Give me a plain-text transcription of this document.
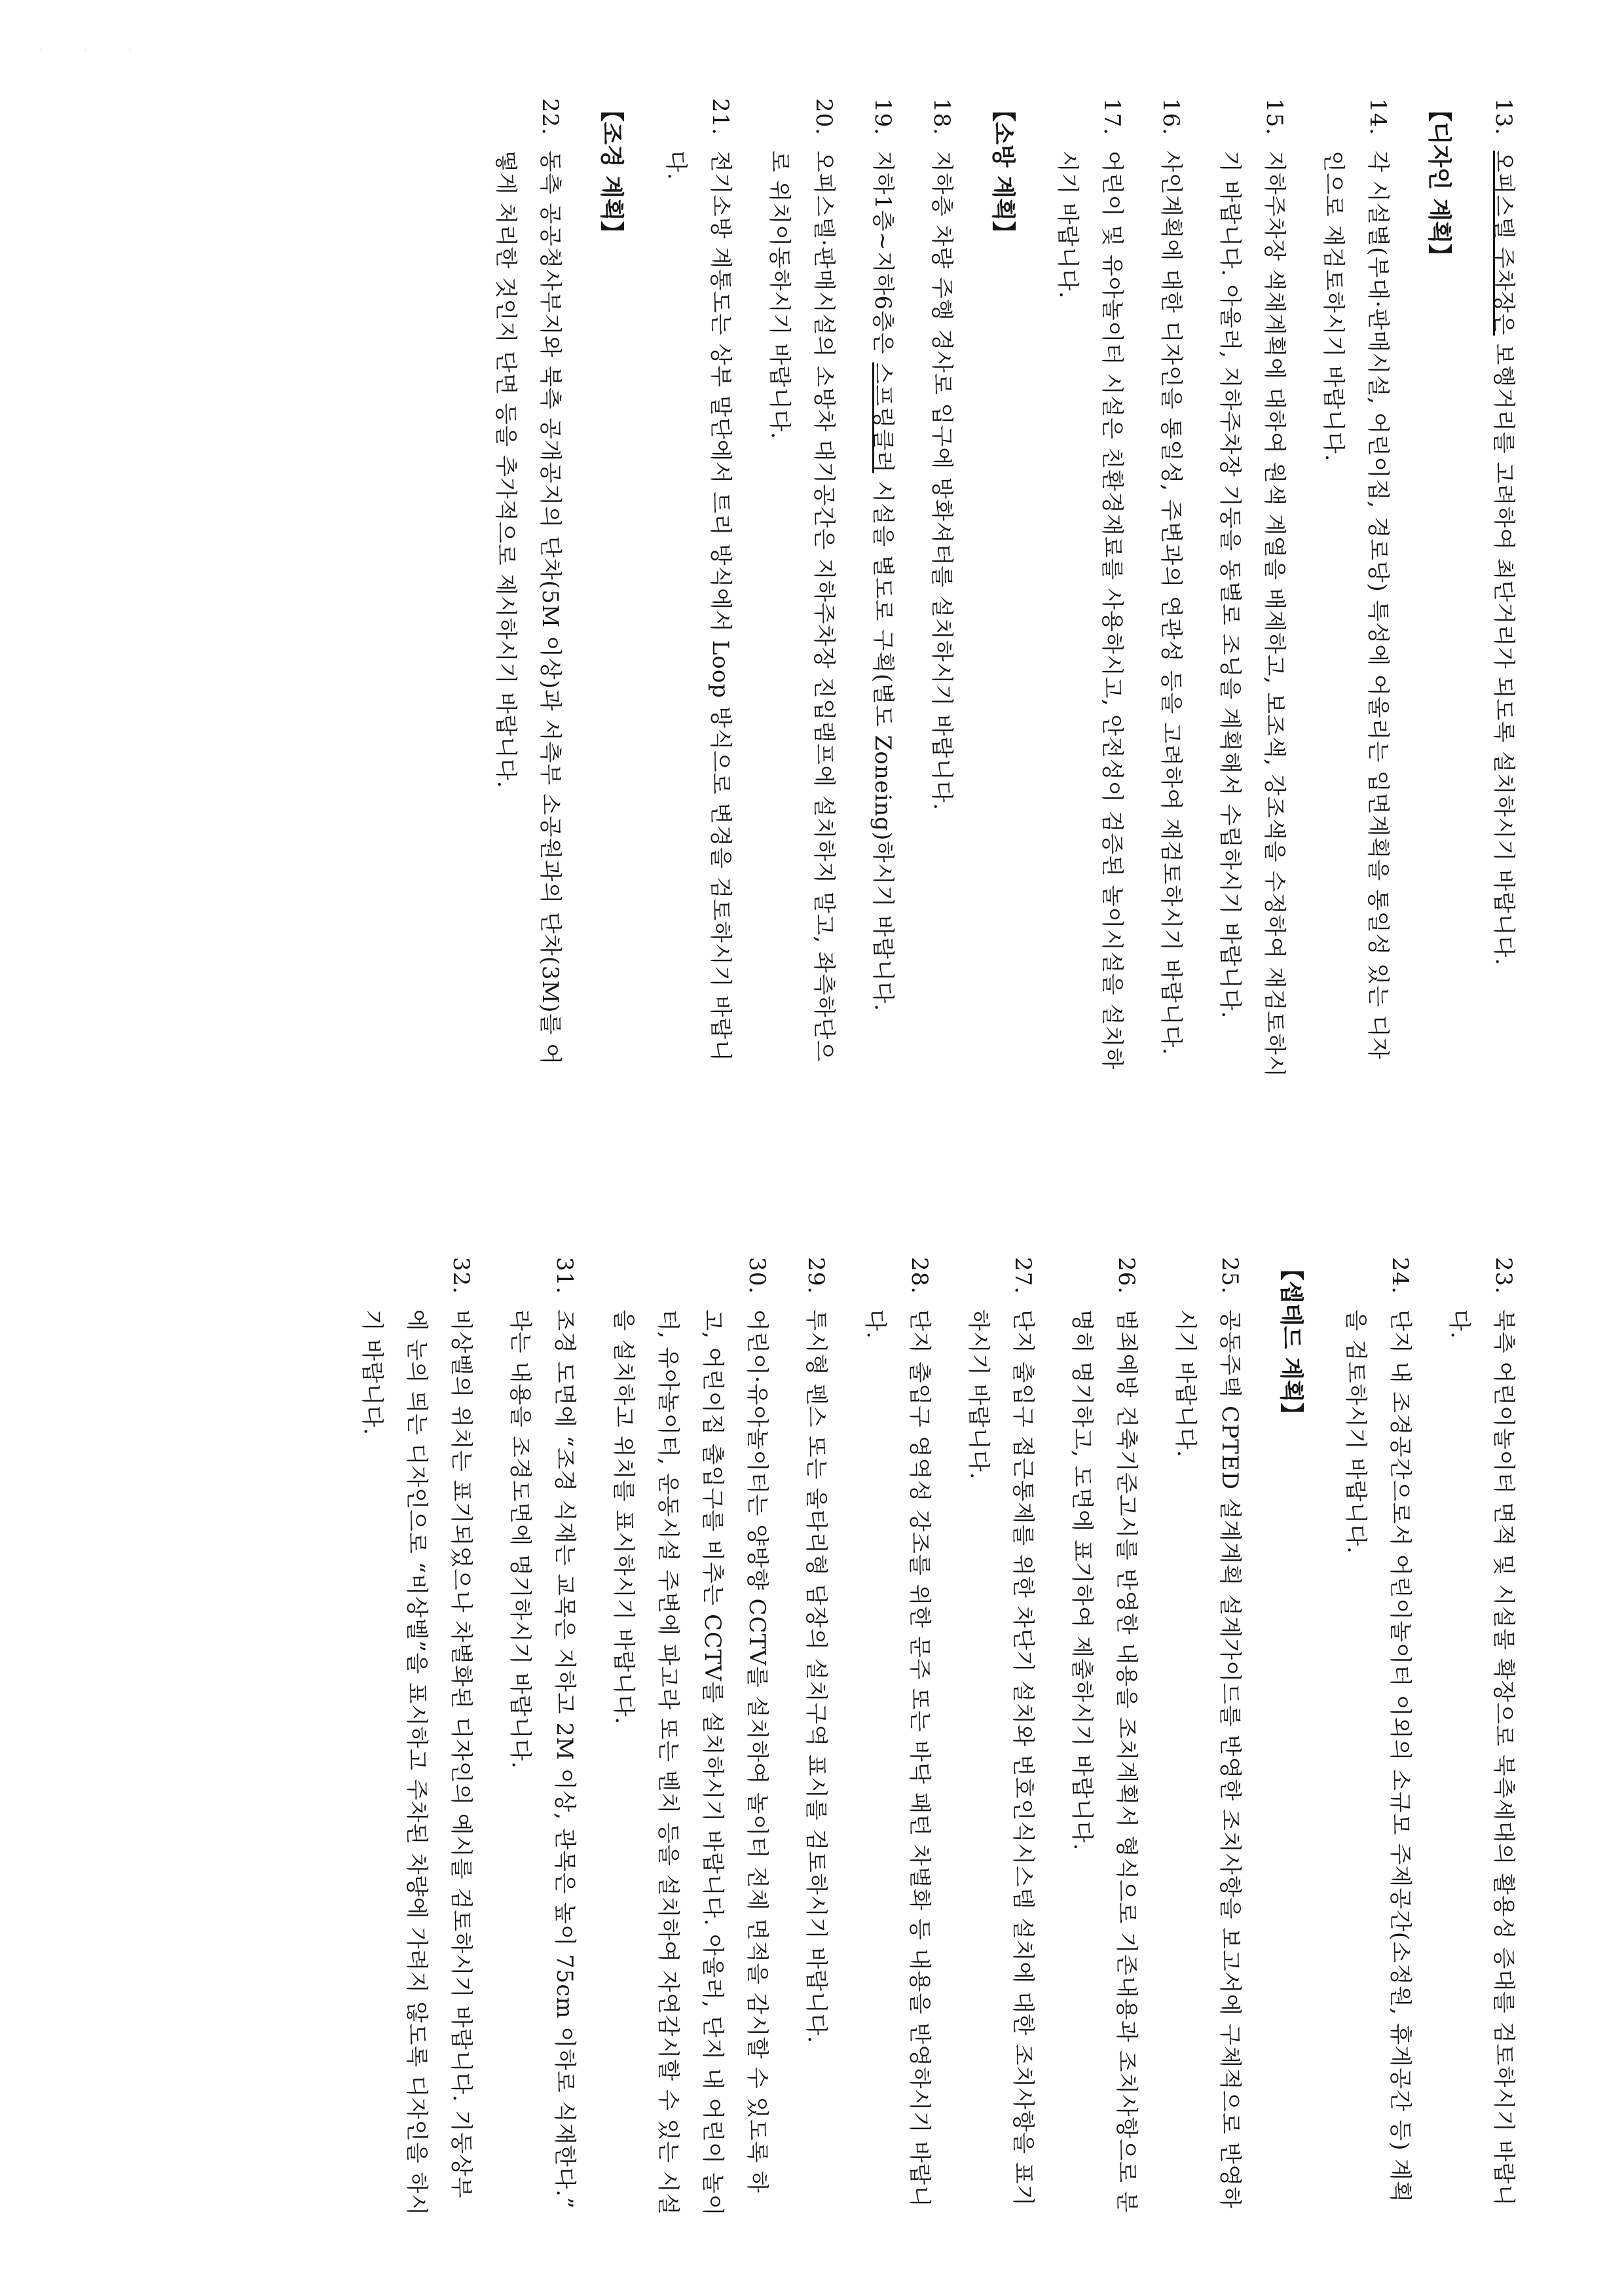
· · ·
13.
오피스텔 주차장은 보행거리를 고려하여 최단거리가 되도록 설치하시기 바랍니다.
【디자인 계획】
14.
각 시설별(부대·판매시설, 어린이집, 경로당) 특성에 어울리는 입면계획을 통일성 있는 디자인으로 재검토하시기 바랍니다.
15.
지하주차장 색채계획에 대하여 원색 계열을 배제하고, 보조색, 강조색을 수정하여 재검토하시기 바랍니다. 아울러, 지하주차장 기둥을 동별로 조닝을 계획해서 수립하시기 바랍니다.
16.
사인계획에 대한 디자인을 통일성, 주변과의 연관성 등을 고려하여 재검토하시기 바랍니다.
17.
어린이 및 유아놀이터 시설은 친환경재료를 사용하시고, 안전성이 검증된 놀이시설을 설치하시기 바랍니다.
【소방 계획】
18.
지하층 차량 주행 경사로 입구에 방화셔터를 설치하시기 바랍니다.
19.
지하1층~지하6층은 스프링클러 시설을 별도로 구획(별도 Zoneing)하시기 바랍니다.
20.
오피스텔·판매시설의 소방차 대기공간은 지하주차장 진입램프에 설치하지 말고, 좌측하단으로 위치이동하시기 바랍니다.
21.
전기소방 계통도는 상부 말단에서 트리 방식에서 Loop 방식으로 변경을 검토하시기 바랍니다.
【조경 계획】
22.
동측 공공청사부지와 북측 공개공지의 단차(5M 이상)과 서측부 소공원과의 단차(3M)를 어떻게 처리한 것인지 단면 등을 추가적으로 제시하시기 바랍니다.
23.
북측 어린이놀이터 면적 및 시설물 확장으로 북측세대의 활용성 증대를 검토하시기 바랍니다.
24.
단지 내 조경공간으로서 어린이놀이터 이외의 소규모 주제공간(소정원, 휴게공간 등) 계획을 검토하시기 바랍니다.
【셉테드 계획】
25.
공동주택 CPTED 설계계획 설계가이드를 반영한 조치사항을 보고서에 구체적으로 반영하시기 바랍니다.
26.
범죄예방 건축기준고시를 반영한 내용을 조치계획서 형식으로 기존내용과 조치사항으로 분명히 명기하고, 도면에 표기하여 제출하시기 바랍니다.
27.
단지 출입구 접근통제를 위한 차단기 설치와 번호인식시스템 설치에 대한 조치사항을 표기하시기 바랍니다.
28.
단지 출입구 영역성 강조를 위한 문주 또는 바닥 패턴 차별화 등 내용을 반영하시기 바랍니다.
29.
투시형 펜스 또는 울타리형 담장의 설치구역 표시를 검토하시기 바랍니다.
30.
어린이·유아놀이터는 양방향 CCTV를 설치하여 놀이터 전체 면적을 감시할 수 있도록 하고, 어린이집 출입구를 비추는 CCTV를 설치하시기 바랍니다. 아울러, 단지 내 어린이 놀이터, 유아놀이터, 운동시설 주변에 파고라 또는 벤치 등을 설치하여 자연감시할 수 있는 시설을 설치하고 위치를 표시하시기 바랍니다.
31.
조경 도면에 “조경 식재는 교목은 지하고 2M 이상, 관목은 높이 75cm 이하로 식재한다.” 라는 내용을 조경도면에 명기하시기 바랍니다.
32.
비상벨의 위치는 표기되었으나 차별화된 디자인의 예시를 검토하시기 바랍니다. 기둥상부에 눈의 띄는 디자인으로 “비상벨”을 표시하고 주차된 차량에 가려지 않도록 디자인을 하시기 바랍니다.
